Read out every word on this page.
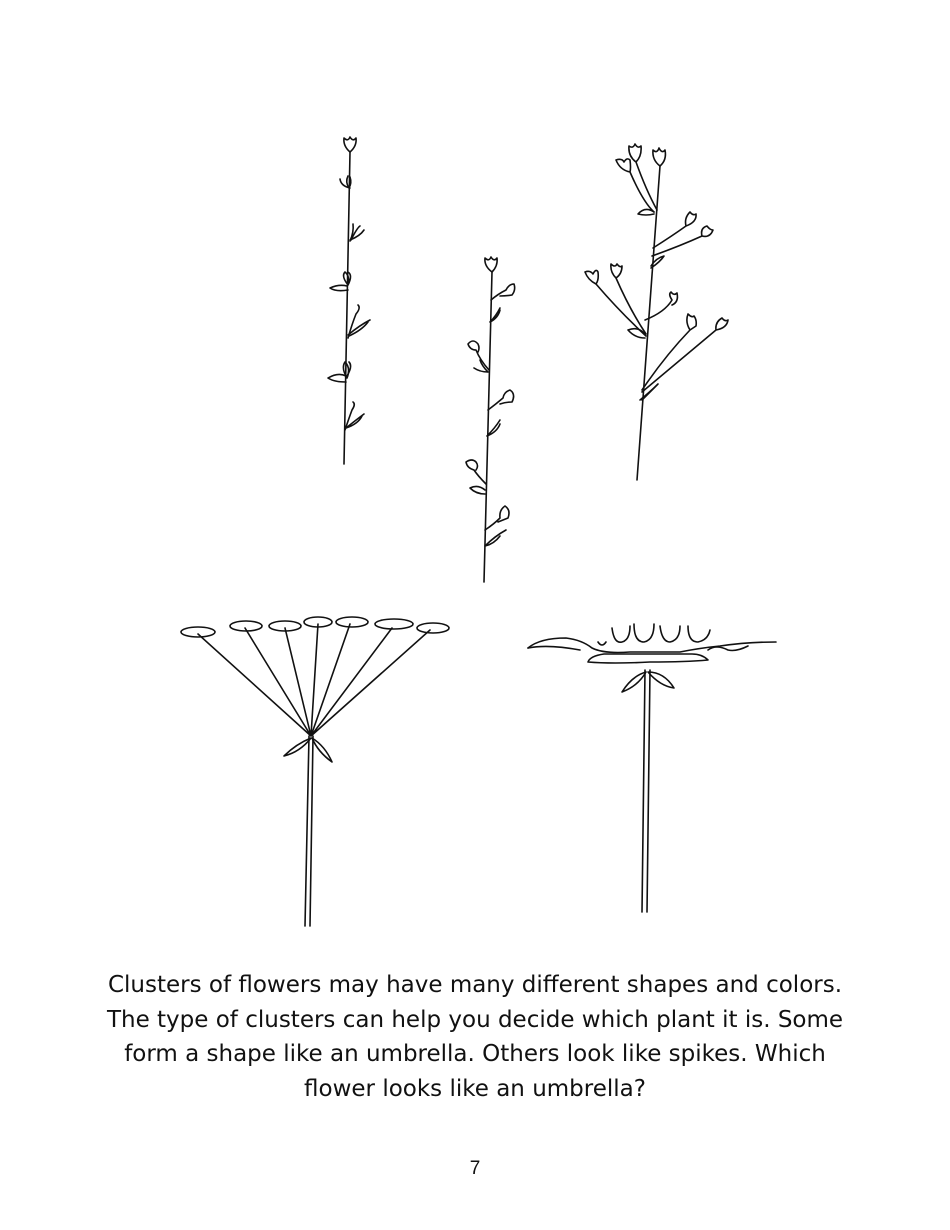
Clusters of flowers may have many different shapes and colors.
The type of clusters can help you decide which plant it is. Some
form a shape like an umbrella. Others look like spikes. Which
flower looks like an umbrella?
7
